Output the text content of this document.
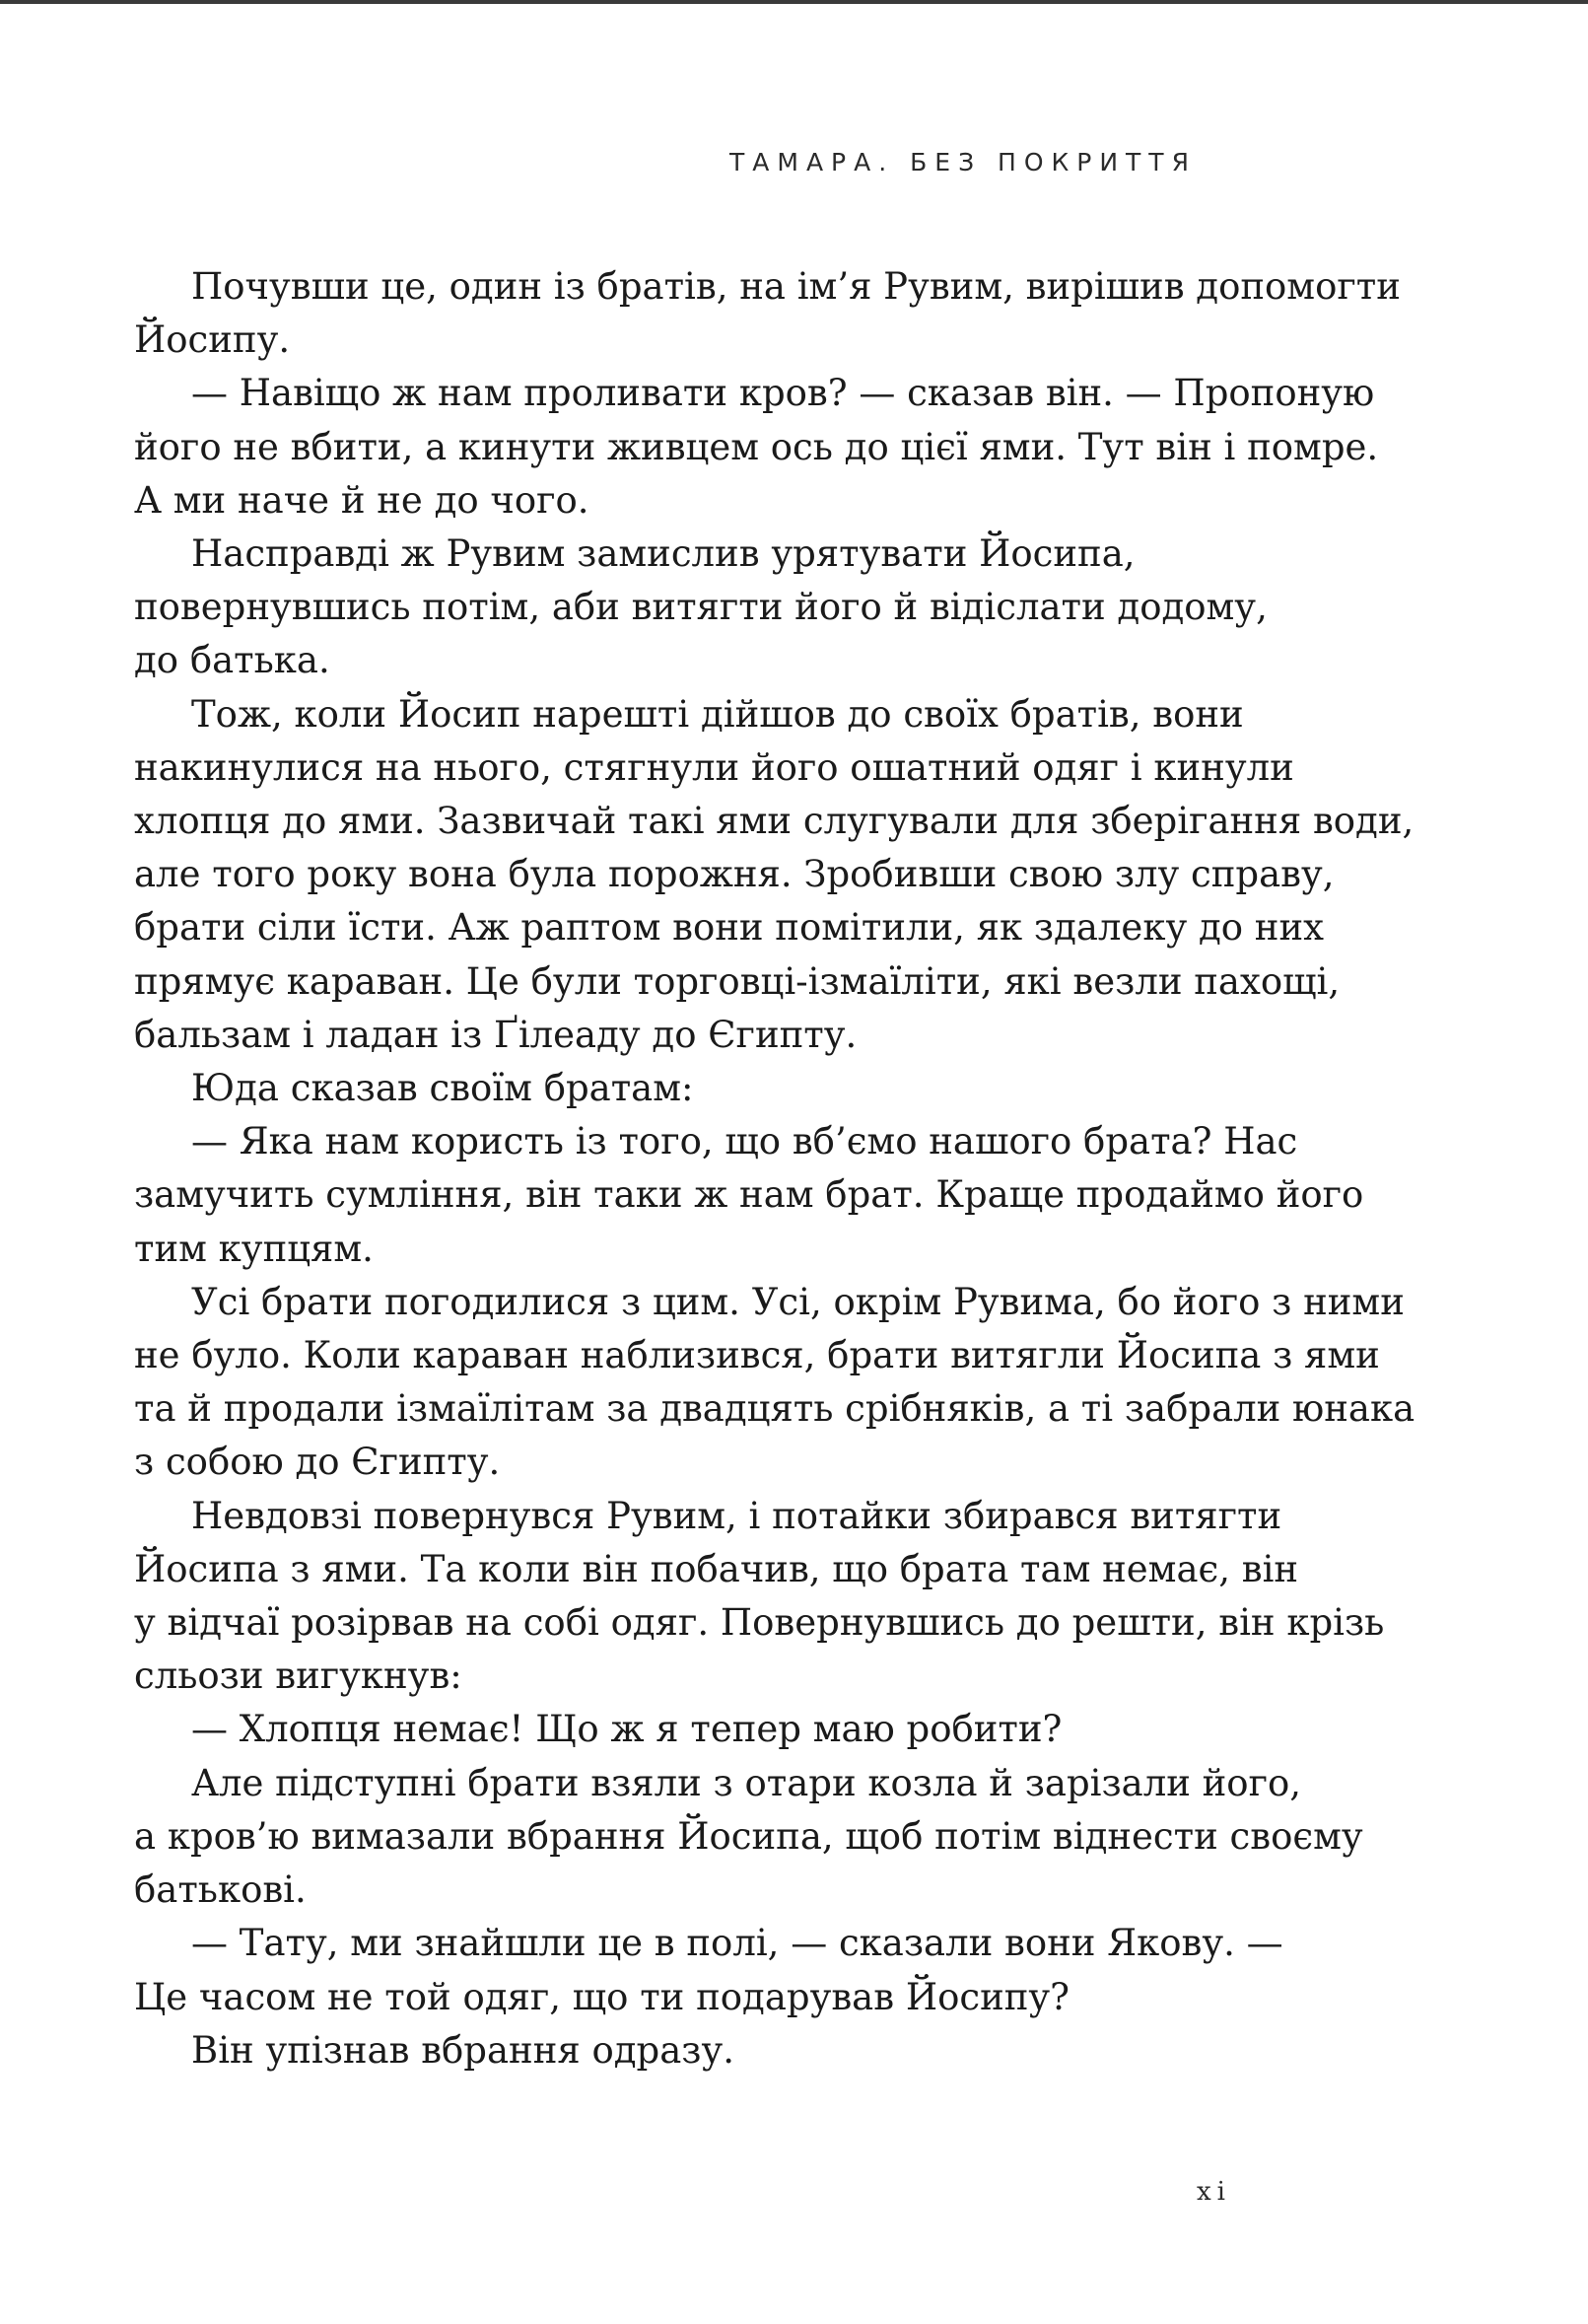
ТАМАРА. БЕЗ ПОКРИТТЯ
Почувши це, один із братів, на ім’я Рувим, вирішив допомогти
Йосипу.
— Навіщо ж нам проливати кров? — сказав він. — Пропоную
його не вбити, а кинути живцем ось до цієї ями. Тут він і помре.
А ми наче й не до чого.
Насправді ж Рувим замислив урятувати Йосипа,
повернувшись потім, аби витягти його й відіслати додому,
до батька.
Тож, коли Йосип нарешті дійшов до своїх братів, вони
накинулися на нього, стягнули його ошатний одяг і кинули
хлопця до ями. Зазвичай такі ями слугували для зберігання води,
але того року вона була порожня. Зробивши свою злу справу,
брати сіли їсти. Аж раптом вони помітили, як здалеку до них
прямує караван. Це були торговці-ізмаїліти, які везли пахощі,
бальзам і ладан із Ґілеаду до Єгипту.
Юда сказав своїм братам:
— Яка нам користь із того, що вб’ємо нашого брата? Нас
замучить сумління, він таки ж нам брат. Краще продаймо його
тим купцям.
Усі брати погодилися з цим. Усі, окрім Рувима, бо його з ними
не було. Коли караван наблизився, брати витягли Йосипа з ями
та й продали ізмаїлітам за двадцять срібняків, а ті забрали юнака
з собою до Єгипту.
Невдовзі повернувся Рувим, і потайки збирався витягти
Йосипа з ями. Та коли він побачив, що брата там немає, він
у відчаї розірвав на собі одяг. Повернувшись до решти, він крізь
сльози вигукнув:
— Хлопця немає! Що ж я тепер маю робити?
Але підступні брати взяли з отари козла й зарізали його,
а кров’ю вимазали вбрання Йосипа, щоб потім віднести своєму
батькові.
— Тату, ми знайшли це в полі, — сказали вони Якову. —
Це часом не той одяг, що ти подарував Йосипу?
Він упізнав вбрання одразу.
xi
